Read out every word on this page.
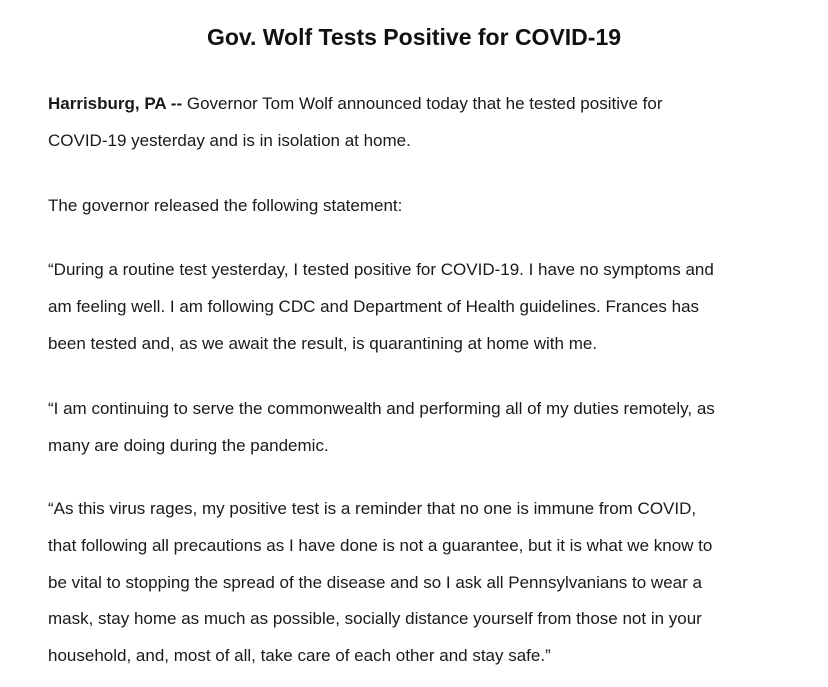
Gov. Wolf Tests Positive for COVID-19

Harrisburg, PA -- Governor Tom Wolf announced today that he tested positive for
COVID-19 yesterday and is in isolation at home.

The governor released the following statement:

“During a routine test yesterday, I tested positive for COVID-19. I have no symptoms and
am feeling well. I am following CDC and Department of Health guidelines. Frances has
been tested and, as we await the result, is quarantining at home with me.

“I am continuing to serve the commonwealth and performing all of my duties remotely, as
many are doing during the pandemic.

“As this virus rages, my positive test is a reminder that no one is immune from COVID,
that following all precautions as I have done is not a guarantee, but it is what we know to
be vital to stopping the spread of the disease and so I ask all Pennsylvanians to wear a
mask, stay home as much as possible, socially distance yourself from those not in your
household, and, most of all, take care of each other and stay safe.”
